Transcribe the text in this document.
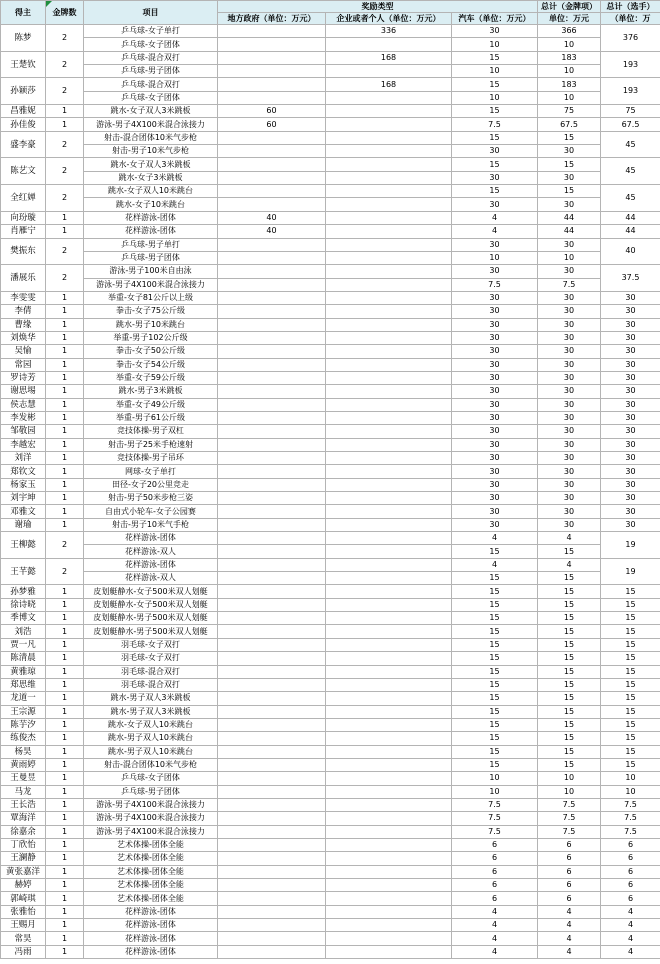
得主	金牌数	项目	奖励类型			总计（金牌项）	总计（选手）
			地方政府（单位：万元）	企业或者个人（单位：万元）	汽车（单位：万元）	单位：万元	（单位：万
陈梦	2	乒乓球-女子单打		336	30	366	376
		乒乓球-女子团体			10	10	
王楚钦	2	乒乓球-混合双打		168	15	183	193
		乒乓球-男子团体			10	10	
孙颖莎	2	乒乓球-混合双打		168	15	183	193
		乒乓球-女子团体			10	10	
昌雅妮	1	跳水-女子双人3米跳板	60		15	75	75
孙佳俊	1	游泳-男子4X100米混合泳接力	60		7.5	67.5	67.5
盛李豪	2	射击-混合团体10米气步枪			15	15	45
		射击-男子10米气步枪			30	30	
陈艺文	2	跳水-女子双人3米跳板			15	15	45
		跳水-女子3米跳板			30	30	
全红婵	2	跳水-女子双人10米跳台			15	15	45
		跳水-女子10米跳台			30	30	
向玢璇	1	花样游泳-团体	40		4	44	44
肖雁宁	1	花样游泳-团体	40		4	44	44
樊振东	2	乒乓球-男子单打			30	30	40
		乒乓球-男子团体			10	10	
潘展乐	2	游泳-男子100米自由泳			30	30	37.5
		游泳-男子4X100米混合泳接力			7.5	7.5	
李雯雯	1	举重-女子81公斤以上级			30	30	30
李倩	1	拳击-女子75公斤级			30	30	30
曹缘	1	跳水-男子10米跳台			30	30	30
刘焕华	1	举重-男子102公斤级			30	30	30
吴愉	1	拳击-女子50公斤级			30	30	30
常园	1	拳击-女子54公斤级			30	30	30
罗诗芳	1	举重-女子59公斤级			30	30	30
谢思埸	1	跳水-男子3米跳板			30	30	30
侯志慧	1	举重-女子49公斤级			30	30	30
李发彬	1	举重-男子61公斤级			30	30	30
邹敬园	1	竞技体操-男子双杠			30	30	30
李越宏	1	射击-男子25米手枪速射			30	30	30
刘洋	1	竞技体操-男子吊环			30	30	30
郑钦文	1	网球-女子单打			30	30	30
杨家玉	1	田径-女子20公里竞走			30	30	30
刘宇坤	1	射击-男子50米步枪三姿			30	30	30
邓雅文	1	自由式小轮车-女子公园赛			30	30	30
谢瑜	1	射击-男子10米气手枪			30	30	30
王柳懿	2	花样游泳-团体			4	4	19
		花样游泳-双人			15	15	
王芊懿	2	花样游泳-团体			4	4	19
		花样游泳-双人			15	15	
孙梦雅	1	皮划艇静水-女子500米双人划艇			15	15	15
徐诗晓	1	皮划艇静水-女子500米双人划艇			15	15	15
季博文	1	皮划艇静水-男子500米双人划艇			15	15	15
刘浩	1	皮划艇静水-男子500米双人划艇			15	15	15
贾一凡	1	羽毛球-女子双打			15	15	15
陈清晨	1	羽毛球-女子双打			15	15	15
黄雅琼	1	羽毛球-混合双打			15	15	15
郑思维	1	羽毛球-混合双打			15	15	15
龙道一	1	跳水-男子双人3米跳板			15	15	15
王宗源	1	跳水-男子双人3米跳板			15	15	15
陈芋汐	1	跳水-女子双人10米跳台			15	15	15
练俊杰	1	跳水-男子双人10米跳台			15	15	15
杨昊	1	跳水-男子双人10米跳台			15	15	15
黄雨婷	1	射击-混合团体10米气步枪			15	15	15
王曼昱	1	乒乓球-女子团体			10	10	10
马龙	1	乒乓球-男子团体			10	10	10
王长浩	1	游泳-男子4X100米混合泳接力			7.5	7.5	7.5
覃海洋	1	游泳-男子4X100米混合泳接力			7.5	7.5	7.5
徐嘉余	1	游泳-男子4X100米混合泳接力			7.5	7.5	7.5
丁欣怡	1	艺术体操-团体全能			6	6	6
王澜静	1	艺术体操-团体全能			6	6	6
黄张嘉洋	1	艺术体操-团体全能			6	6	6
赫婷	1	艺术体操-团体全能			6	6	6
郭崎琪	1	艺术体操-团体全能			6	6	6
张雅怡	1	花样游泳-团体			4	4	4
王赐月	1	花样游泳-团体			4	4	4
常昊	1	花样游泳-团体			4	4	4
冯雨	1	花样游泳-团体			4	4	4
